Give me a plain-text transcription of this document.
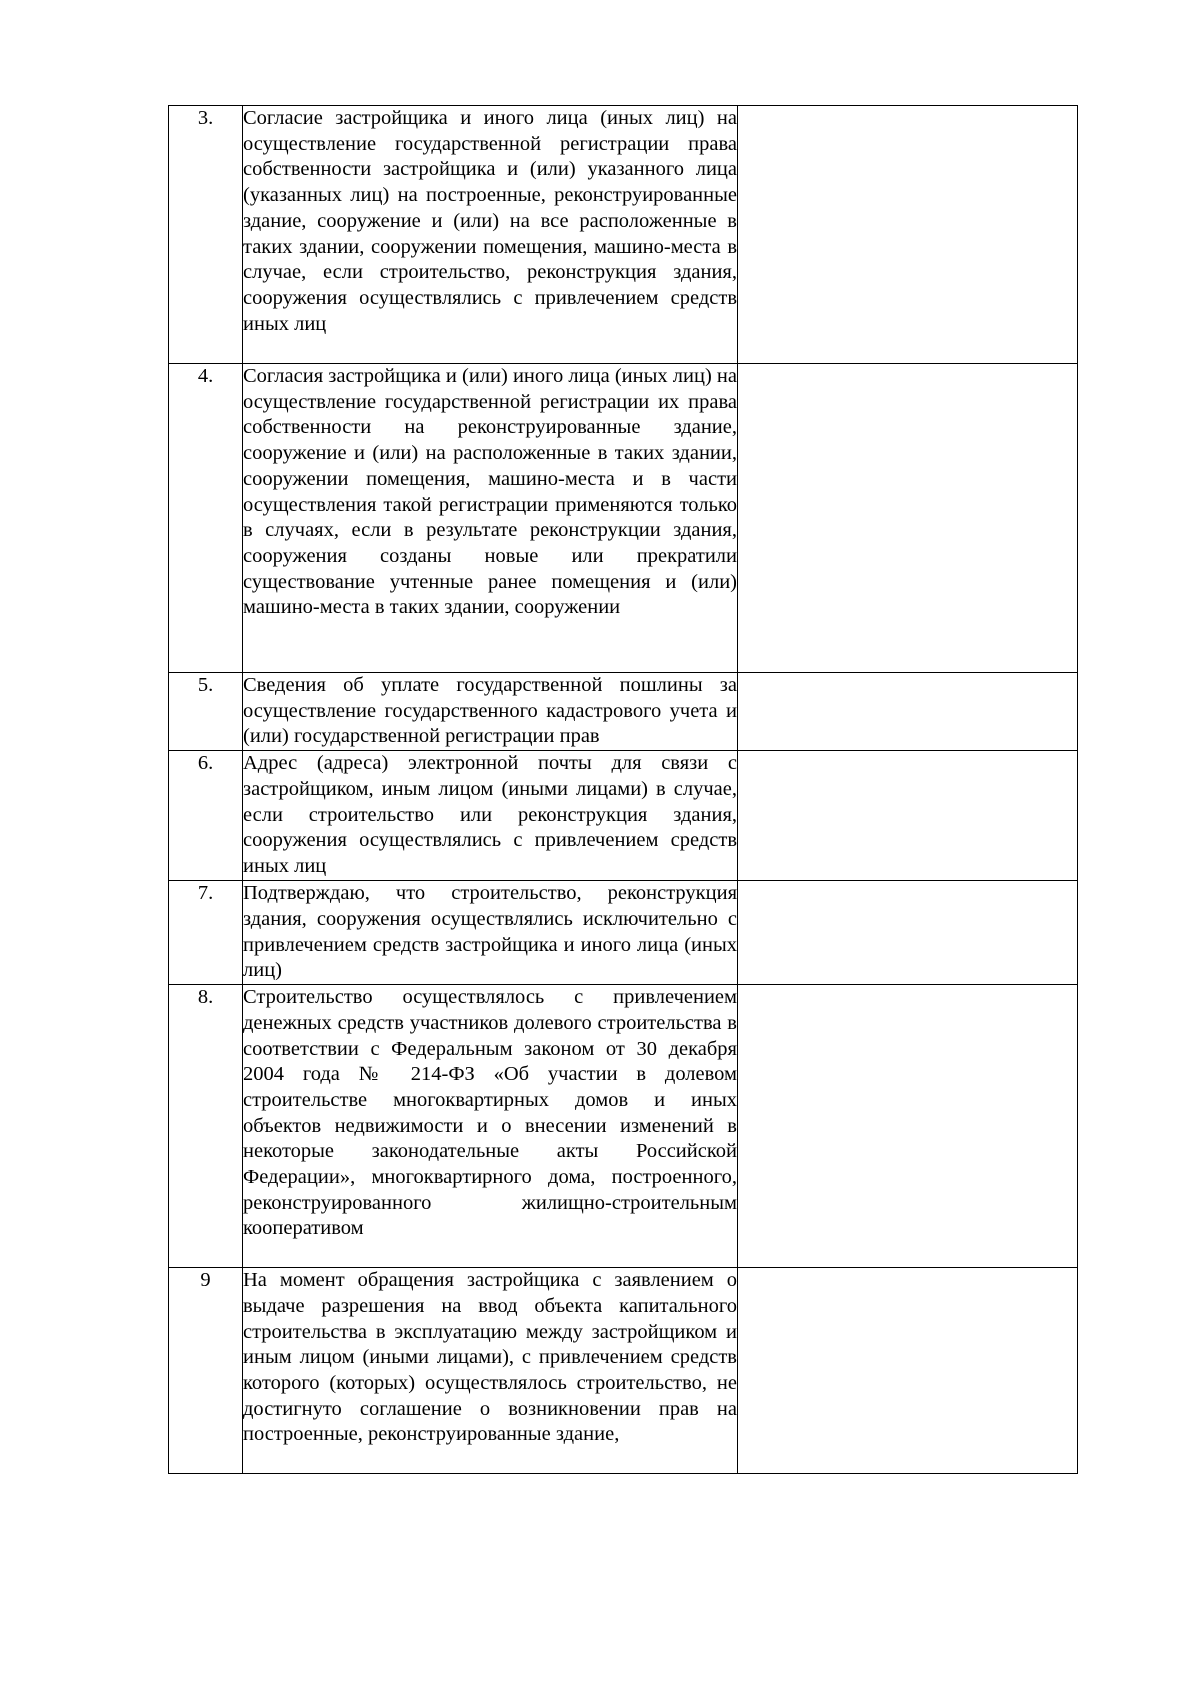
3.	Согласие застройщика и иного лица (иных лиц) на осуществление государственной регистрации права собственности застройщика и (или) указанного лица (указанных лиц) на построенные, реконструированные здание, сооружение и (или) на все расположенные в таких здании, сооружении помещения, машино-места в случае, если строительство, реконструкция здания, сооружения осуществлялись с привлечением средств иных лиц	
4.	Согласия застройщика и (или) иного лица (иных лиц) на осуществление государственной регистрации их права собственности на реконструированные здание, сооружение и (или) на расположенные в таких здании, сооружении помещения, машино-места и в части осуществления такой регистрации применяются только в случаях, если в результате реконструкции здания, сооружения созданы новые или прекратили существование учтенные ранее помещения и (или) машино-места в таких здании, сооружении	
5.	Сведения об уплате государственной пошлины за осуществление государственного кадастрового учета и (или) государственной регистрации прав	
6.	Адрес (адреса) электронной почты для связи с застройщиком, иным лицом (иными лицами) в случае, если строительство или реконструкция здания, сооружения осуществлялись с привлечением средств иных лиц	
7.	Подтверждаю, что строительство, реконструкция здания, сооружения осуществлялись исключительно с привлечением средств застройщика и иного лица (иных лиц)	
8.	Строительство осуществлялось с привлечением денежных средств участников долевого строительства в соответствии с Федеральным законом от 30 декабря 2004 года № 214-ФЗ «Об участии в долевом строительстве многоквартирных домов и иных объектов недвижимости и о внесении изменений в некоторые законодательные акты Российской Федерации», многоквартирного дома, построенного, реконструированного жилищно-строительным кооперативом	
9	На момент обращения застройщика с заявлением о выдаче разрешения на ввод объекта капитального строительства в эксплуатацию между застройщиком и иным лицом (иными лицами), с привлечением средств которого (которых) осуществлялось строительство, не достигнуто соглашение о возникновении прав на построенные, реконструированные здание,	
